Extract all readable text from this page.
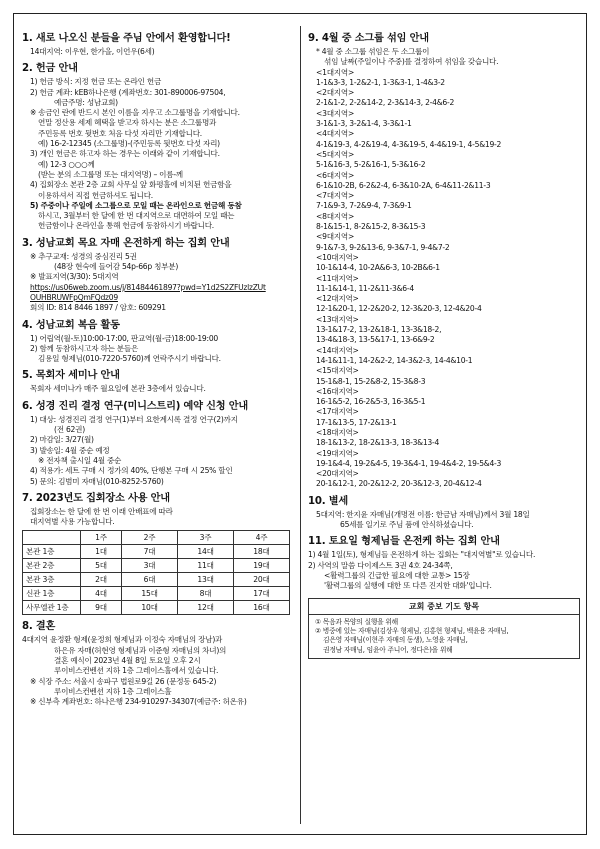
1. 새로 나오신 분들을 주님 안에서 환영합니다!
14대지역: 이우현, 한가을, 이언우(6세)
2. 헌금 안내
1) 헌금 방식: 지정 헌금 또는 온라인 헌금
2) 헌금 계좌: kEB하나은행 (계좌번호: 301-890006-97504,
예금주명: 성남교회)
※ 송금인 란에 반드시 본인 이름을 지우고 소그룹명을 기재합니다.
연말 정산용 세제 혜택을 받고자 하시는 분은 소그룹명과
주민등록 번호 뒷번호 처음 다섯 자리만 기재합니다.
예) 16-2-12345 (소그룹명)-(주민등록 뒷번호 다섯 자리)
3) 개인 헌금은 하고자 하는 경우는 이래와 같이 기재합니다.
예) 12-3 ○○○께
(받는 분의 소그룹명 또는 대지역명) – 이름-께
4) 집회장소 본관 2층 교회 사무실 앞 화평홀에 비치된 헌금함을
이용하셔서 직접 헌금하셔도 됩니다.
5) 주중이나 주일에 소그룹으로 모일 때는 온라인으로 헌금해 동참
하시고, 3월부터 한 달에 한 번 대지역으로 대면하여 모일 때는
헌금함이나 온라인을 통해 헌금에 동참하시기 바랍니다.
3. 성남교회 목요 자매 온전하게 하는 집회 안내
※ 추구교재: 성경의 중심진리 5권
(48장 현숙에 들어감 54p-66p 칭부분)
※ 발표지역(3/30): 5대지역
https://us06web.zoom.us/j/81484461897?pwd=Y1d2S2ZFUzlzZUt
OUHBRUWFpQmFQdz09
회의 ID: 814 8446 1897 / 암호: 609291
4. 성남교회 복음 활동
1) 어립역(월-토)10:00-17:00, 판교역(월-금)18:00-19:00
2) 함께 동참하시고자 하는 분들은
김용일 형제님(010-7220-5760)께 연락주시기 바랍니다.
5. 목회자 세미나 안내
목회자 세미나가 매주 월요일에 본관 3층에서 있습니다.
6. 성경 진리 결정 연구(미니스트리) 예약 신청 안내
1) 대상: 성경진리 결정 연구(1)부터 요한계시록 결정 연구(2)까지
(전 62권)
2) 마감일: 3/27(월)
3) 발송일: 4월 중순 예정
※ 전자책 출시일 4월 중순
4) 적용가: 세트 구매 시 정가의 40%, 단행본 구매 시 25% 할인
5) 문의: 김범미 자매님(010-8252-5760)
7. 2023년도 집회장소 사용 안내
집회장소는 한 달에 한 번 이래 안배표에 따라
대지역별 사용 가능합니다.
	1주	2주	3주	4주
본관 1층	1대	7대	14대	18대
본관 2층	5대	3대	11대	19대
본관 3층	2대	6대	13대	20대
신관 1층	4대	15대	8대	17대
사무엘관 1층	9대	10대	12대	16대
8. 결혼
4대지역 윤정환 형제(윤정희 형제님과 이정숙 자매님의 장남)과
하은유 자매(허현영 형제님과 이준형 자매님의 차녀)의
결혼 예식이 2023년 4월 8일 토요일 오후 2시
루이비스컨벤션 지하 1층 그레이스홀에서 있습니다.
※ 식장 주소: 서울시 송파구 법원로9길 26 (문정동 645-2)
루이비스컨벤션 지하 1층 그레이스홀
※ 신부측 계좌번호: 하나은행 234-910297-34307(예금주: 허온유)
9. 4월 중 소그룹 섞임 안내
* 4월 중 소그룹 섞임은 두 소그룹이
섞임 날짜(주일이나 주중)를 결정하여 섞임을 갖습니다.
<1대지역>
1-1&3-3, 1-2&2-1, 1-3&3-1, 1-4&3-2
<2대지역>
2-1&1-2, 2-2&14-2, 2-3&14-3, 2-4&6-2
<3대지역>
3-1&1-3, 3-2&1-4, 3-3&1-1
<4대지역>
4-1&19-3, 4-2&19-4, 4-3&19-5, 4-4&19-1, 4-5&19-2
<5대지역>
5-1&16-3, 5-2&16-1, 5-3&16-2
<6대지역>
6-1&10-2B, 6-2&2-4, 6-3&10-2A, 6-4&11-2&11-3
<7대지역>
7-1&9-3, 7-2&9-4, 7-3&9-1
<8대지역>
8-1&15-1, 8-2&15-2, 8-3&15-3
<9대지역>
9-1&7-3, 9-2&13-6, 9-3&7-1, 9-4&7-2
<10대지역>
10-1&14-4, 10-2A&6-3, 10-2B&6-1
<11대지역>
11-1&14-1, 11-2&11-3&6-4
<12대지역>
12-1&20-1, 12-2&20-2, 12-3&20-3, 12-4&20-4
<13대지역>
13-1&17-2, 13-2&18-1, 13-3&18-2,
13-4&18-3, 13-5&17-1, 13-6&9-2
<14대지역>
14-1&11-1, 14-2&2-2, 14-3&2-3, 14-4&10-1
<15대지역>
15-1&8-1, 15-2&8-2, 15-3&8-3
<16대지역>
16-1&5-2, 16-2&5-3, 16-3&5-1
<17대지역>
17-1&13-5, 17-2&13-1
<18대지역>
18-1&13-2, 18-2&13-3, 18-3&13-4
<19대지역>
19-1&4-4, 19-2&4-5, 19-3&4-1, 19-4&4-2, 19-5&4-3
<20대지역>
20-1&12-1, 20-2&12-2, 20-3&12-3, 20-4&12-4
10. 별세
5대지역: 한지윤 자매님(개명전 이름: 한금남 자매님)께서 3월 18일
65세를 일기로 주님 품에 안식하셨습니다.
11. 토요일 형제님들 온전케 하는 집회 안내
1) 4월 1일(토), 형제님들 온전하게 하는 집회는 "대지역별"로 있습니다.
2) 사역의 말씀 다이제스트 3권 4호 24-34쪽,
<활력그룹의 긴급한 필요에 대한 교통> 15장
'활력그룹의 실행에 대한 또 다른 진지한 대화'입니다.
교회 중보 기도 항목
① 목음과 목양의 실행을 위해
② 병중에 있는 자매님(김상우 형제님, 김홍현 형제님, 백윤용 자매님,
김은영 자매님(이현주 자매의 동생), 노영윤 자매님,
권정남 자매님, 임윤아 주니어, 정다은)을 위해
